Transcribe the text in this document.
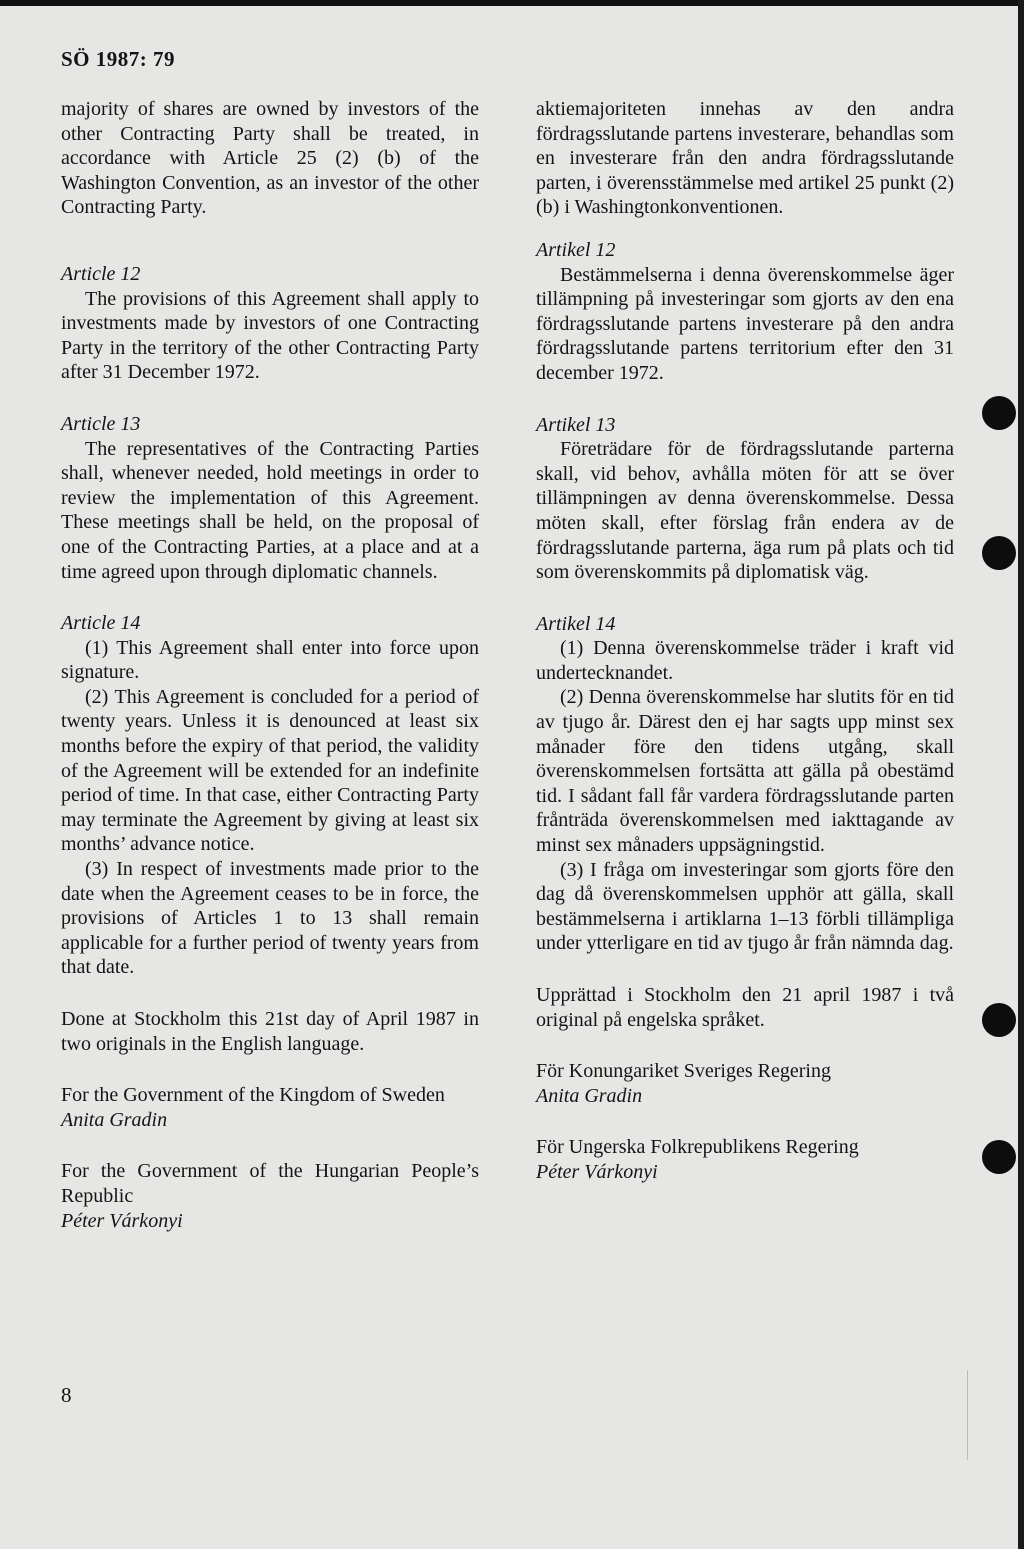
SÖ 1987: 79

majority of shares are owned by investors of the other Contracting Party shall be treated, in accordance with Article 25 (2) (b) of the Washington Convention, as an investor of the other Contracting Party.

Article 12

The provisions of this Agreement shall apply to investments made by investors of one Contracting Party in the territory of the other Contracting Party after 31 December 1972.

Article 13

The representatives of the Contracting Parties shall, whenever needed, hold meetings in order to review the implementation of this Agreement. These meetings shall be held, on the proposal of one of the Contracting Parties, at a place and at a time agreed upon through diplomatic channels.

Article 14

(1) This Agreement shall enter into force upon signature.

(2) This Agreement is concluded for a period of twenty years. Unless it is denounced at least six months before the expiry of that period, the validity of the Agreement will be extended for an indefinite period of time. In that case, either Contracting Party may terminate the Agreement by giving at least six months’ advance notice.

(3) In respect of investments made prior to the date when the Agreement ceases to be in force, the provisions of Articles 1 to 13 shall remain applicable for a further period of twenty years from that date.

Done at Stockholm this 21st day of April 1987 in two originals in the English language.

For the Government of the Kingdom of Sweden

Anita Gradin

For the Government of the Hungarian People’s Republic

Péter Várkonyi

aktiemajoriteten innehas av den andra fördragsslutande partens investerare, behandlas som en investerare från den andra fördragsslutande parten, i överensstämmelse med artikel 25 punkt (2) (b) i Washingtonkonventionen.

Artikel 12

Bestämmelserna i denna överenskommelse äger tillämpning på investeringar som gjorts av den ena fördragsslutande partens investerare på den andra fördragsslutande partens territorium efter den 31 december 1972.

Artikel 13

Företrädare för de fördragsslutande parterna skall, vid behov, avhålla möten för att se över tillämpningen av denna överenskommelse. Dessa möten skall, efter förslag från endera av de fördragsslutande parterna, äga rum på plats och tid som överenskommits på diplomatisk väg.

Artikel 14

(1) Denna överenskommelse träder i kraft vid undertecknandet.

(2) Denna överenskommelse har slutits för en tid av tjugo år. Därest den ej har sagts upp minst sex månader före den tidens utgång, skall överenskommelsen fortsätta att gälla på obestämd tid. I sådant fall får vardera fördragsslutande parten frånträda överenskommelsen med iakttagande av minst sex månaders uppsägningstid.

(3) I fråga om investeringar som gjorts före den dag då överenskommelsen upphör att gälla, skall bestämmelserna i artiklarna 1–13 förbli tillämpliga under ytterligare en tid av tjugo år från nämnda dag.

Upprättad i Stockholm den 21 april 1987 i två original på engelska språket.

För Konungariket Sveriges Regering

Anita Gradin

För Ungerska Folkrepublikens Regering

Péter Várkonyi

8
